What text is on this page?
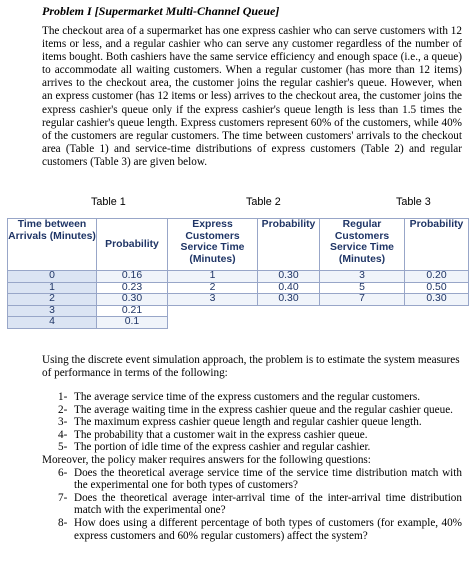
Problem I [Supermarket Multi-Channel Queue]

The checkout area of a supermarket has one express cashier who can serve customers with 12 items or less, and a regular cashier who can serve any customer regardless of the number of items bought. Both cashiers have the same service efficiency and enough space (i.e., a queue) to accommodate all waiting customers. When a regular customer (has more than 12 items) arrives to the checkout area, the customer joins the regular cashier's queue. However, when an express customer (has 12 items or less) arrives to the checkout area, the customer joins the express cashier's queue only if the express cashier's queue length is less than 1.5 times the regular cashier's queue length. Express customers represent 60% of the customers, while 40% of the customers are regular customers. The time between customers' arrivals to the checkout area (Table 1) and service-time distributions of express customers (Table 2) and regular customers (Table 3) are given below.

Table 1	Table 2	Table 3
Time between Arrivals (Minutes)	Probability	Express Customers Service Time (Minutes)	Probability	Regular Customers Service Time (Minutes)	Probability
0	0.16	1	0.30	3	0.20
1	0.23	2	0.40	5	0.50
2	0.30	3	0.30	7	0.30
3	0.21				
4	0.1				

Using the discrete event simulation approach, the problem is to estimate the system measures of performance in terms of the following:

1- The average service time of the express customers and the regular customers.
2- The average waiting time in the express cashier queue and the regular cashier queue.
3- The maximum express cashier queue length and regular cashier queue length.
4- The probability that a customer wait in the express cashier queue.
5- The portion of idle time of the express cashier and regular cashier.
Moreover, the policy maker requires answers for the following questions:
6- Does the theoretical average service time of the service time distribution match with the experimental one for both types of customers?
7- Does the theoretical average inter-arrival time of the inter-arrival time distribution match with the experimental one?
8- How does using a different percentage of both types of customers (for example, 40% express customers and 60% regular customers) affect the system?
